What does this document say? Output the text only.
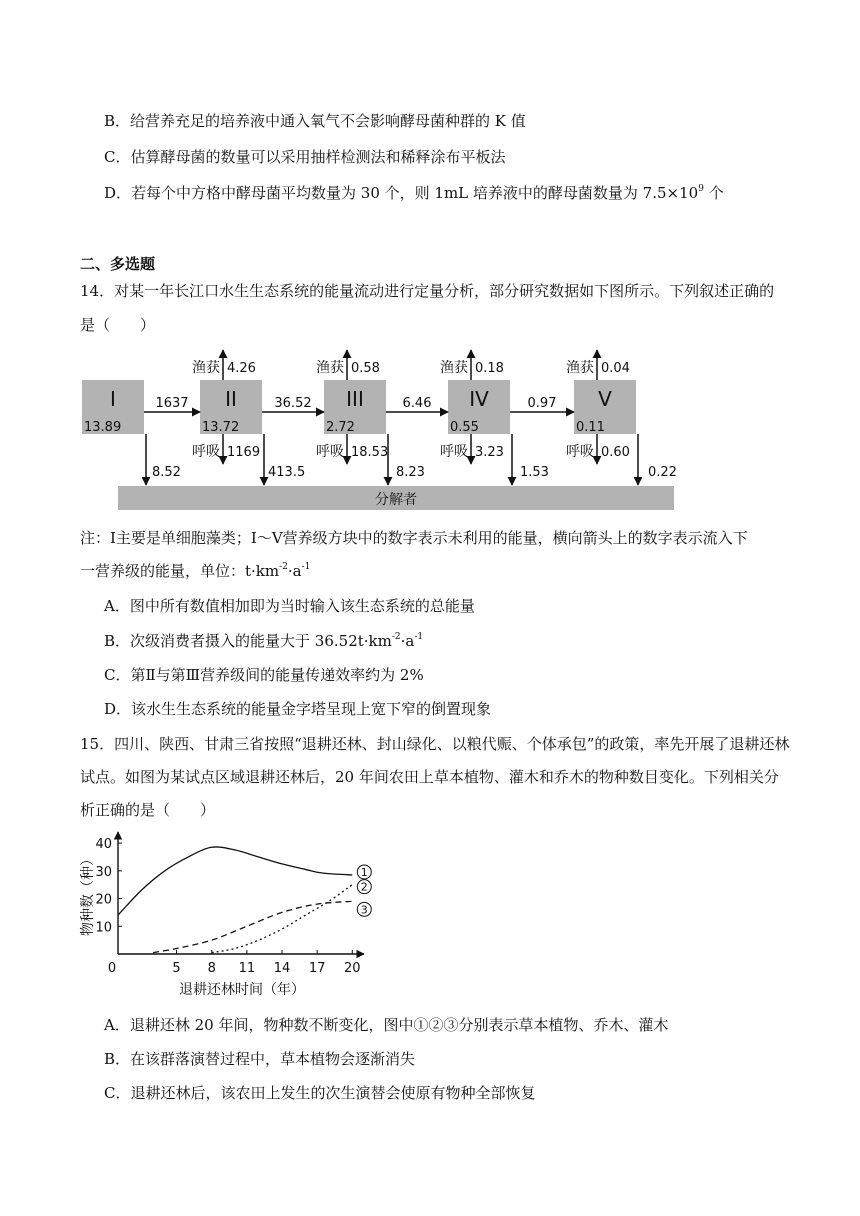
B．给营养充足的培养液中通入氧气不会影响酵母菌种群的 K 值
C．估算酵母菌的数量可以采用抽样检测法和稀释涂布平板法
D．若每个中方格中酵母菌平均数量为 30 个，则 1mL 培养液中的酵母菌数量为 $7.5\times 10^9$ 个
二、多选题
14．对某一年长江口水生生态系统的能量流动进行定量分析，部分研究数据如下图所示。下列叙述正确的
是（　　）
分解者
I
13.89
II
13.72
III
2.72
IV
0.55
V
0.11
1637	36.52	6.46	0.97
渔获 4.26	渔获 0.58	渔获 0.18	渔获 0.04
呼吸 1169	呼吸 18.53	呼吸 3.23	呼吸 0.60
8.52	413.5	8.23	1.53	0.22
注：Ⅰ主要是单细胞藻类；Ⅰ～Ⅴ营养级方块中的数字表示未利用的能量，横向箭头上的数字表示流入下
一营养级的能量，单位：$t\cdot km^{-2}\cdot a^{-1}$
A．图中所有数值相加即为当时输入该生态系统的总能量
B．次级消费者摄入的能量大于 $36.52t\cdot km^{-2}\cdot a^{-1}$
C．第Ⅱ与第Ⅲ营养级间的能量传递效率约为 2%
D．该水生生态系统的能量金字塔呈现上宽下窄的倒置现象
15．四川、陕西、甘肃三省按照“退耕还林、封山绿化、以粮代赈、个体承包”的政策，率先开展了退耕还林
试点。如图为某试点区域退耕还林后，20 年间农田上草本植物、灌木和乔木的物种数目变化。下列相关分
析正确的是（　　）
0	5 8 11 14 17 20
10
20
30
40
1
2
3
物种数（种）
退耕还林时间（年）
A．退耕还林 20 年间，物种数不断变化，图中①②③分别表示草本植物、乔木、灌木
B．在该群落演替过程中，草本植物会逐渐消失
C．退耕还林后，该农田上发生的次生演替会使原有物种全部恢复
